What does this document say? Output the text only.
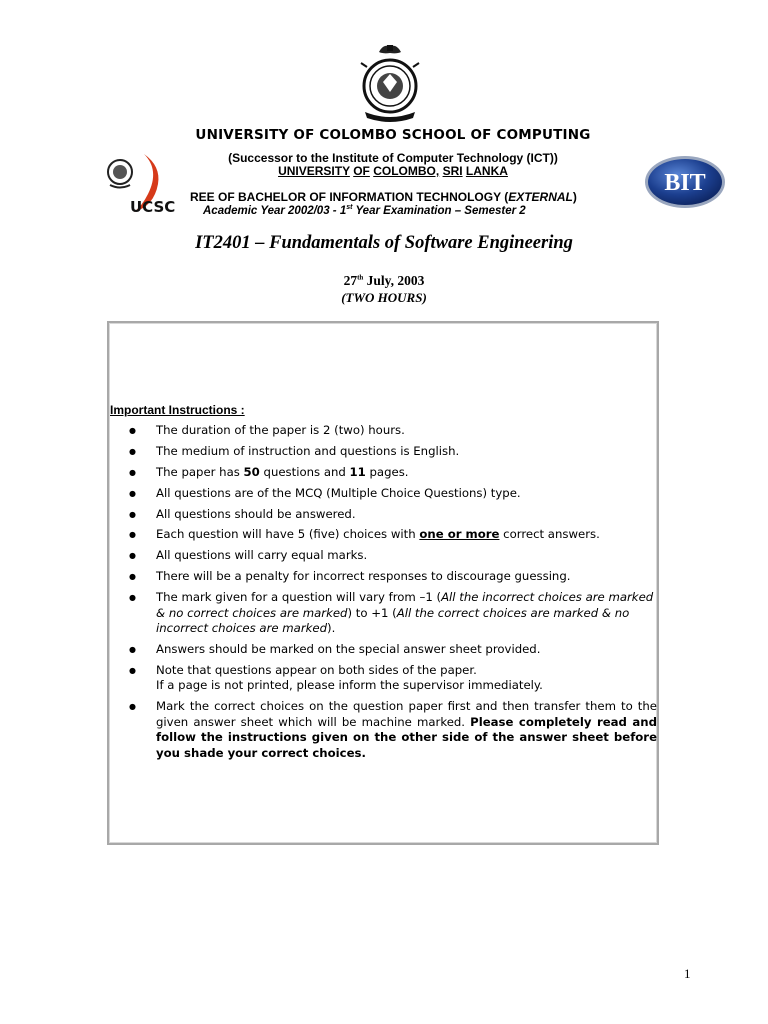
UNIVERSITY OF COLOMBO SCHOOL OF COMPUTING
(Successor to the Institute of Computer Technology (ICT))
UNIVERSITY OF COLOMBO, SRI LANKA
UCSC
BIT
REE OF BACHELOR OF INFORMATION TECHNOLOGY (EXTERNAL)
Academic Year 2002/03 - 1st Year Examination – Semester 2
IT2401 – Fundamentals of Software Engineering
27th July, 2003
(TWO HOURS)
Important Instructions :
● The duration of the paper is 2 (two) hours.
● The medium of instruction and questions is English.
● The paper has 50 questions and 11 pages.
● All questions are of the MCQ (Multiple Choice Questions) type.
● All questions should be answered.
● Each question will have 5 (five) choices with one or more correct answers.
● All questions will carry equal marks.
● There will be a penalty for incorrect responses to discourage guessing.
● The mark given for a question will vary from –1 (All the incorrect choices are marked & no correct choices are marked) to +1 (All the correct choices are marked & no incorrect choices are marked).
● Answers should be marked on the special answer sheet provided.
● Note that questions appear on both sides of the paper.
If a page is not printed, please inform the supervisor immediately.
● Mark the correct choices on the question paper first and then transfer them to the given answer sheet which will be machine marked. Please completely read and follow the instructions given on the other side of the answer sheet before you shade your correct choices.
1
